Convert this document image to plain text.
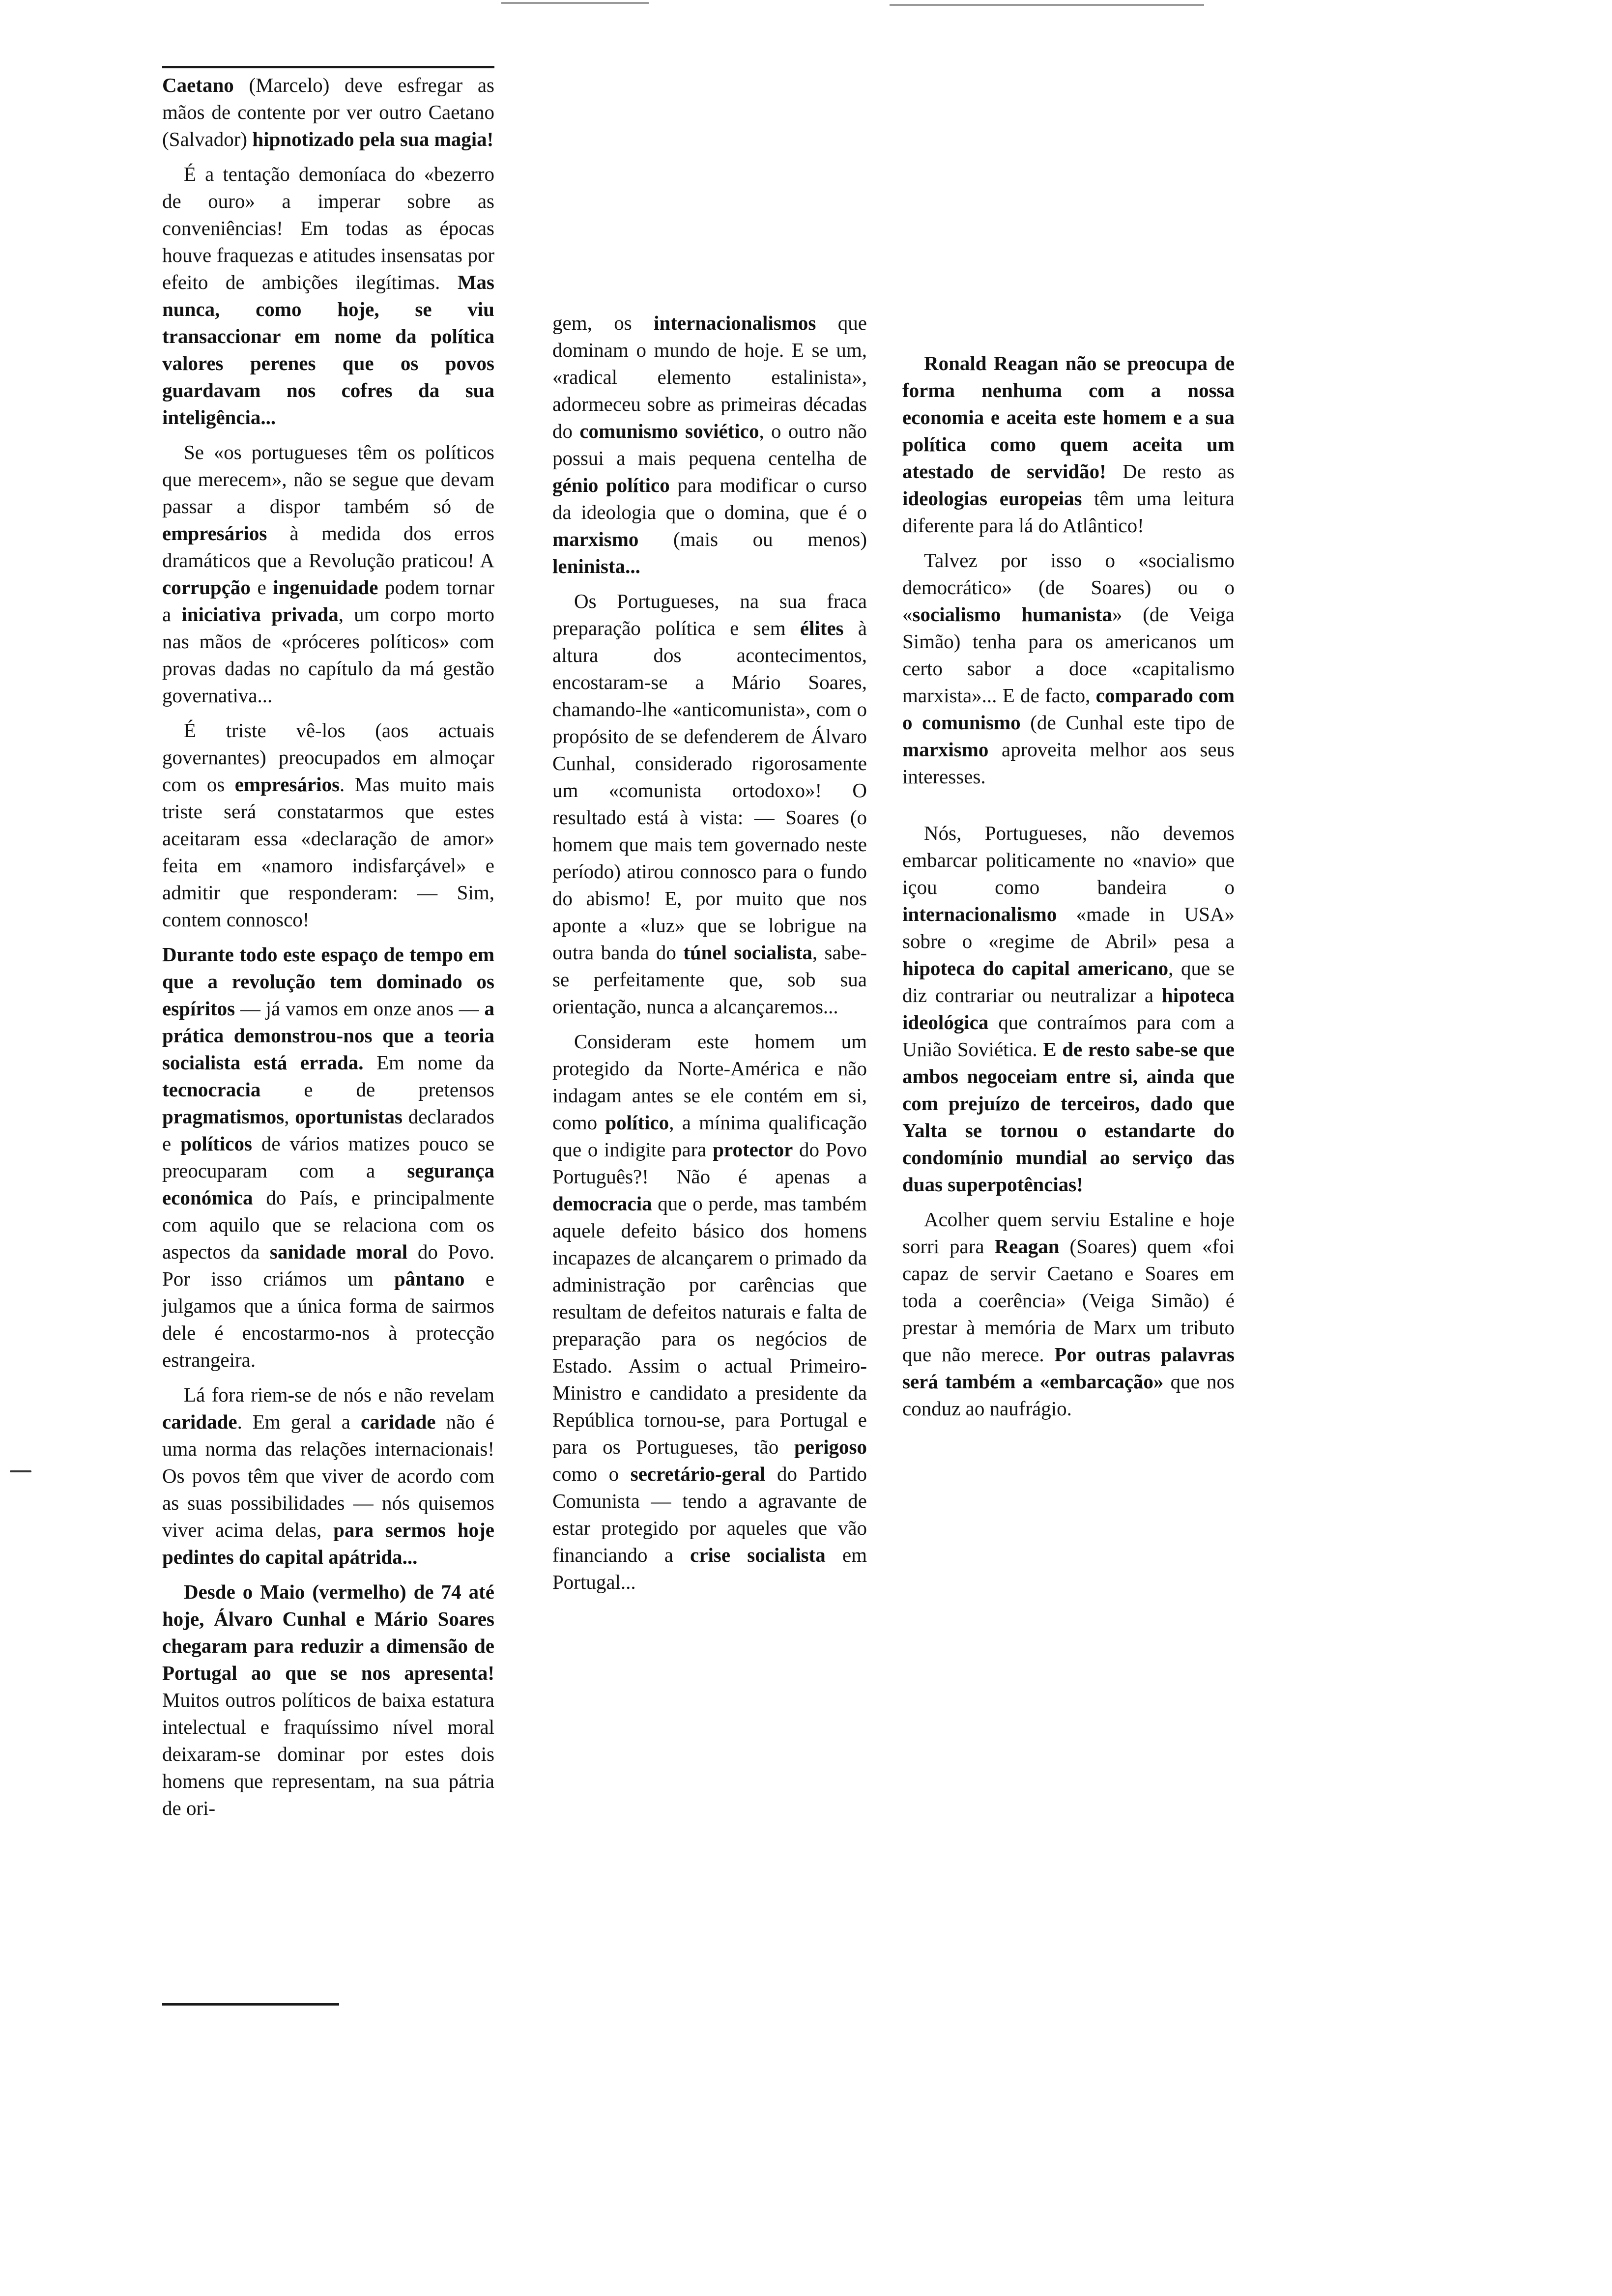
Caetano (Marcelo) deve esfregar as mãos de contente por ver outro Caetano (Salvador) hipnotizado pela sua magia!

É a tentação demoníaca do «bezerro de ouro» a imperar sobre as conveniências! Em todas as épocas houve fraquezas e atitudes insensatas por efeito de ambições ilegítimas. Mas nunca, como hoje, se viu transaccionar em nome da política valores perenes que os povos guardavam nos cofres da sua inteligência...

Se «os portugueses têm os políticos que merecem», não se segue que devam passar a dispor também só de empresários à medida dos erros dramáticos que a Revolução praticou! A corrupção e ingenuidade podem tornar a iniciativa privada, um corpo morto nas mãos de «próceres políticos» com provas dadas no capítulo da má gestão governativa...

É triste vê-los (aos actuais governantes) preocupados em almoçar com os empresários. Mas muito mais triste será constatarmos que estes aceitaram essa «declaração de amor» feita em «namoro indisfarçável» e admitir que responderam: — Sim, contem connosco!

Durante todo este espaço de tempo em que a revolução tem dominado os espíritos — já vamos em onze anos — a prática demonstrou-nos que a teoria socialista está errada. Em nome da tecnocracia e de pretensos pragmatismos, oportunistas declarados e políticos de vários matizes pouco se preocuparam com a segurança económica do País, e principalmente com aquilo que se relaciona com os aspectos da sanidade moral do Povo. Por isso criámos um pântano e julgamos que a única forma de sairmos dele é encostarmo-nos à protecção estrangeira.

Lá fora riem-se de nós e não revelam caridade. Em geral a caridade não é uma norma das relações internacionais! Os povos têm que viver de acordo com as suas possibilidades — nós quisemos viver acima delas, para sermos hoje pedintes do capital apátrida...

Desde o Maio (vermelho) de 74 até hoje, Álvaro Cunhal e Mário Soares chegaram para reduzir a dimensão de Portugal ao que se nos apresenta! Muitos outros políticos de baixa estatura intelectual e fraquíssimo nível moral deixaram-se dominar por estes dois homens que representam, na sua pátria de ori-

gem, os internacionalismos que dominam o mundo de hoje. E se um, «radical elemento estalinista», adormeceu sobre as primeiras décadas do comunismo soviético, o outro não possui a mais pequena centelha de génio político para modificar o curso da ideologia que o domina, que é o marxismo (mais ou menos) leninista...

Os Portugueses, na sua fraca preparação política e sem élites à altura dos acontecimentos, encostaram-se a Mário Soares, chamando-lhe «anticomunista», com o propósito de se defenderem de Álvaro Cunhal, considerado rigorosamente um «comunista ortodoxo»! O resultado está à vista: — Soares (o homem que mais tem governado neste período) atirou connosco para o fundo do abismo! E, por muito que nos aponte a «luz» que se lobrigue na outra banda do túnel socialista, sabe-se perfeitamente que, sob sua orientação, nunca a alcançaremos...

Consideram este homem um protegido da Norte-América e não indagam antes se ele contém em si, como político, a mínima qualificação que o indigite para protector do Povo Português?! Não é apenas a democracia que o perde, mas também aquele defeito básico dos homens incapazes de alcançarem o primado da administração por carências que resultam de defeitos naturais e falta de preparação para os negócios de Estado. Assim o actual Primeiro-Ministro e candidato a presidente da República tornou-se, para Portugal e para os Portugueses, tão perigoso como o secretário-geral do Partido Comunista — tendo a agravante de estar protegido por aqueles que vão financiando a crise socialista em Portugal...

Ronald Reagan não se preocupa de forma nenhuma com a nossa economia e aceita este homem e a sua política como quem aceita um atestado de servidão! De resto as ideologias europeias têm uma leitura diferente para lá do Atlântico!

Talvez por isso o «socialismo democrático» (de Soares) ou o «socialismo humanista» (de Veiga Simão) tenha para os americanos um certo sabor a doce «capitalismo marxista»... E de facto, comparado com o comunismo (de Cunhal este tipo de marxismo aproveita melhor aos seus interesses.

Nós, Portugueses, não devemos embarcar politicamente no «navio» que içou como bandeira o internacionalismo «made in USA» sobre o «regime de Abril» pesa a hipoteca do capital americano, que se diz contrariar ou neutralizar a hipoteca ideológica que contraímos para com a União Soviética. E de resto sabe-se que ambos negoceiam entre si, ainda que com prejuízo de terceiros, dado que Yalta se tornou o estandarte do condomínio mundial ao serviço das duas superpotências!

Acolher quem serviu Estaline e hoje sorri para Reagan (Soares) quem «foi capaz de servir Caetano e Soares em toda a coerência» (Veiga Simão) é prestar à memória de Marx um tributo que não merece. Por outras palavras será também a «embarcação» que nos conduz ao naufrágio.
